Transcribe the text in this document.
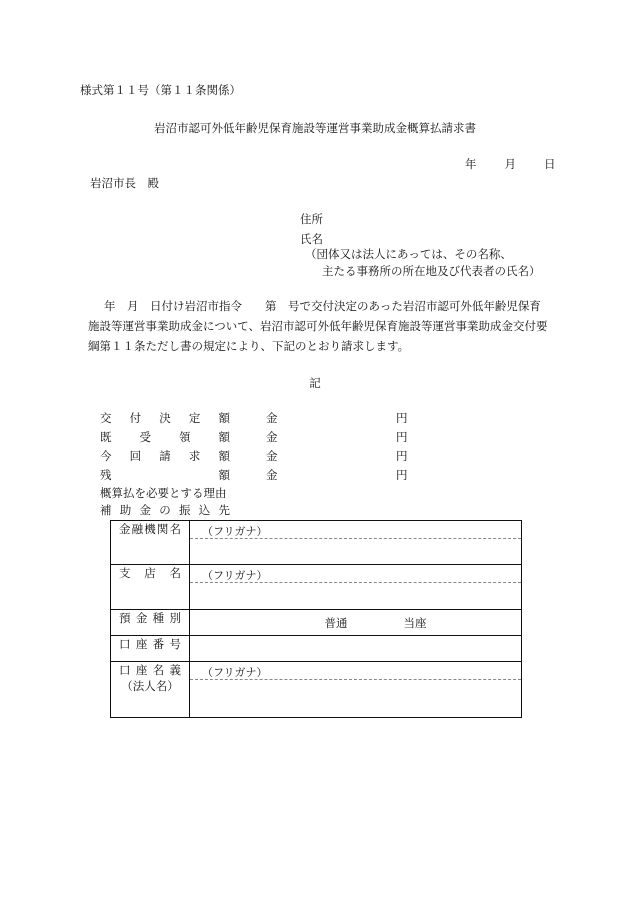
様式第１１号（第１１条関係）
岩沼市認可外低年齢児保育施設等運営事業助成金概算払請求書
年 月 日
岩沼市長　殿
住所
氏名
（団体又は法人にあっては、その名称、
主たる事務所の所在地及び代表者の氏名）
年　月　日付け岩沼市指令　　第　号で交付決定のあった岩沼市認可外低年齢児保育施設等運営事業助成金について、岩沼市認可外低年齢児保育施設等運営事業助成金交付要綱第１１条ただし書の規定により、下記のとおり請求します。
記
交付決定額	金	円
既受領額	金	円
今回請求額	金	円
残額	金	円
概算払を必要とする理由
補助金の振込先
金融機関名	（フリガナ）

支店名	（フリガナ）

預金種別	普通 当座
口座番号	
口座名義
（法人名）	（フリガナ）
